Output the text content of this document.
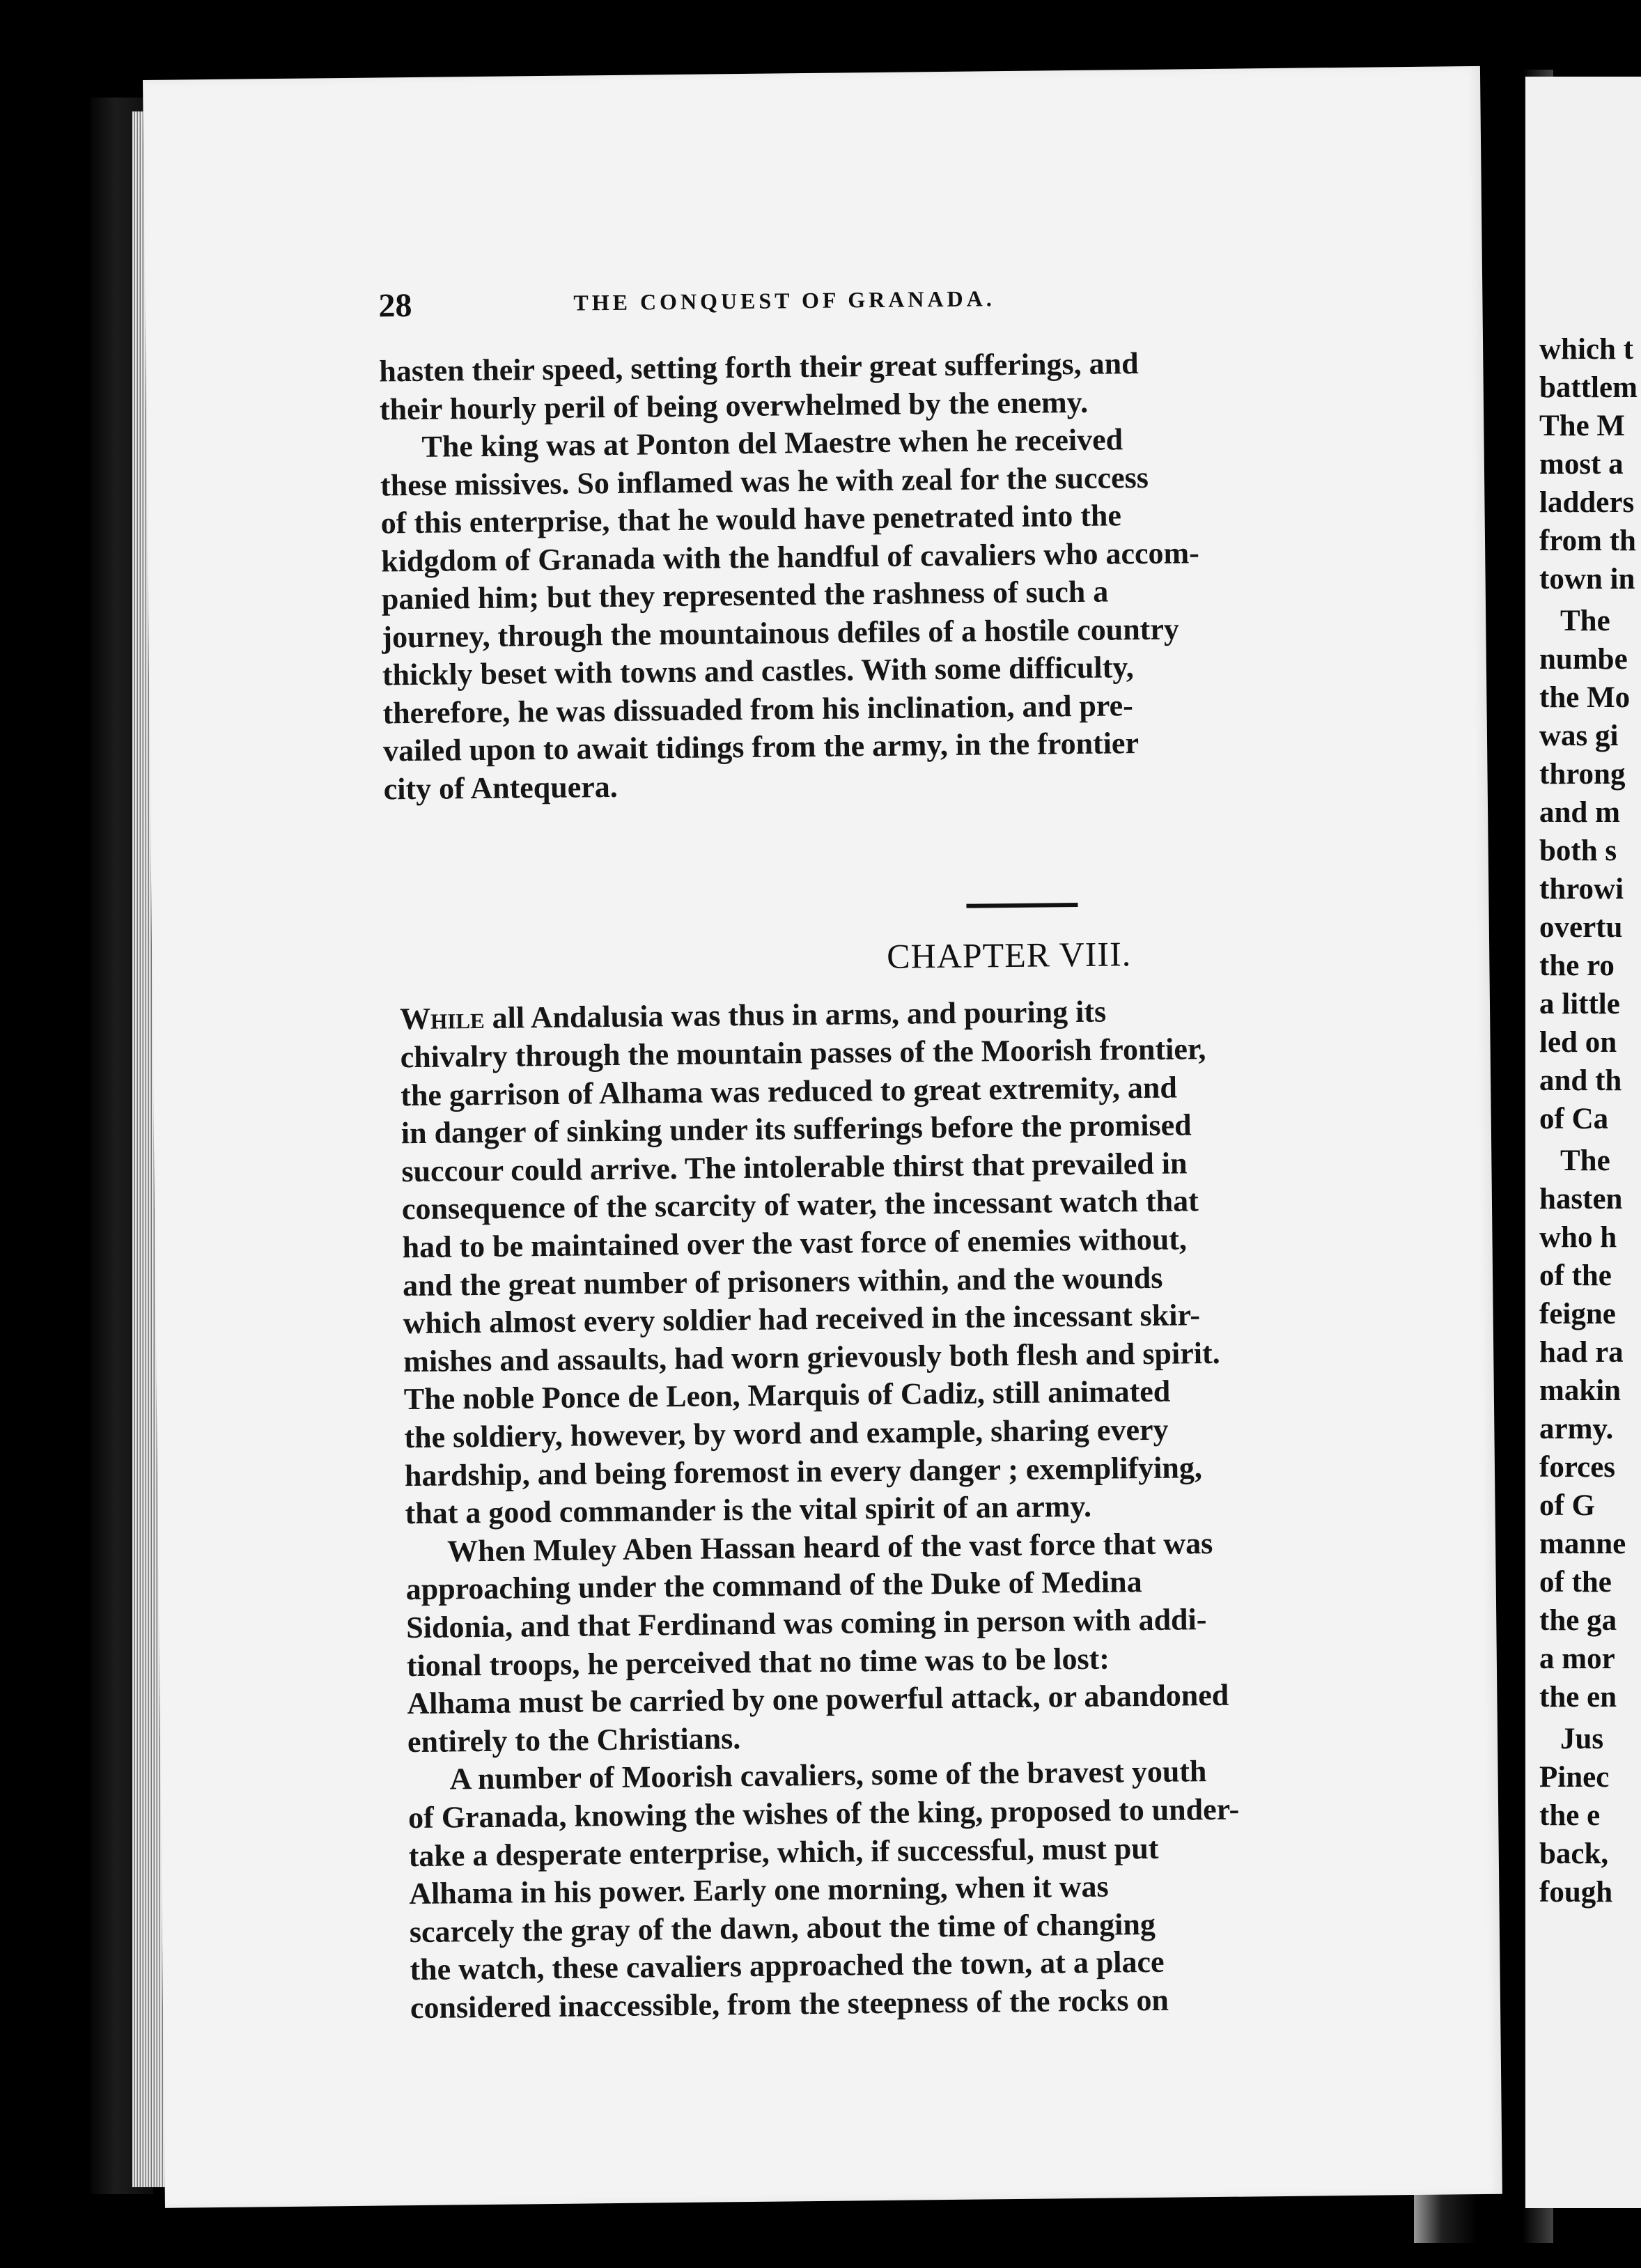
which t
battlem
The M
most a
ladders
from th
town in
The
numbe
the Mo
was gi
throng
and m
both s
throwi
overtu
the ro
a little
led on
and th
of Ca
The
hasten
who h
of the
feigne
had ra
makin
army.
forces
of G
manne
of the
the ga
a mor
the en
Jus
Pinec
the e
back,
fough
28	THE CONQUEST OF GRANADA.
hasten their speed, setting forth their great sufferings, and
their hourly peril of being overwhelmed by the enemy.
The king was at Ponton del Maestre when he received
these missives. So inflamed was he with zeal for the success
of this enterprise, that he would have penetrated into the
kidgdom of Granada with the handful of cavaliers who accom-
panied him; but they represented the rashness of such a
journey, through the mountainous defiles of a hostile country
thickly beset with towns and castles. With some difficulty,
therefore, he was dissuaded from his inclination, and pre-
vailed upon to await tidings from the army, in the frontier
city of Antequera.
CHAPTER VIII.
While all Andalusia was thus in arms, and pouring its
chivalry through the mountain passes of the Moorish frontier,
the garrison of Alhama was reduced to great extremity, and
in danger of sinking under its sufferings before the promised
succour could arrive. The intolerable thirst that prevailed in
consequence of the scarcity of water, the incessant watch that
had to be maintained over the vast force of enemies without,
and the great number of prisoners within, and the wounds
which almost every soldier had received in the incessant skir-
mishes and assaults, had worn grievously both flesh and spirit.
The noble Ponce de Leon, Marquis of Cadiz, still animated
the soldiery, however, by word and example, sharing every
hardship, and being foremost in every danger ; exemplifying,
that a good commander is the vital spirit of an army.
When Muley Aben Hassan heard of the vast force that was
approaching under the command of the Duke of Medina
Sidonia, and that Ferdinand was coming in person with addi-
tional troops, he perceived that no time was to be lost:
Alhama must be carried by one powerful attack, or abandoned
entirely to the Christians.
A number of Moorish cavaliers, some of the bravest youth
of Granada, knowing the wishes of the king, proposed to under-
take a desperate enterprise, which, if successful, must put
Alhama in his power. Early one morning, when it was
scarcely the gray of the dawn, about the time of changing
the watch, these cavaliers approached the town, at a place
considered inaccessible, from the steepness of the rocks on
